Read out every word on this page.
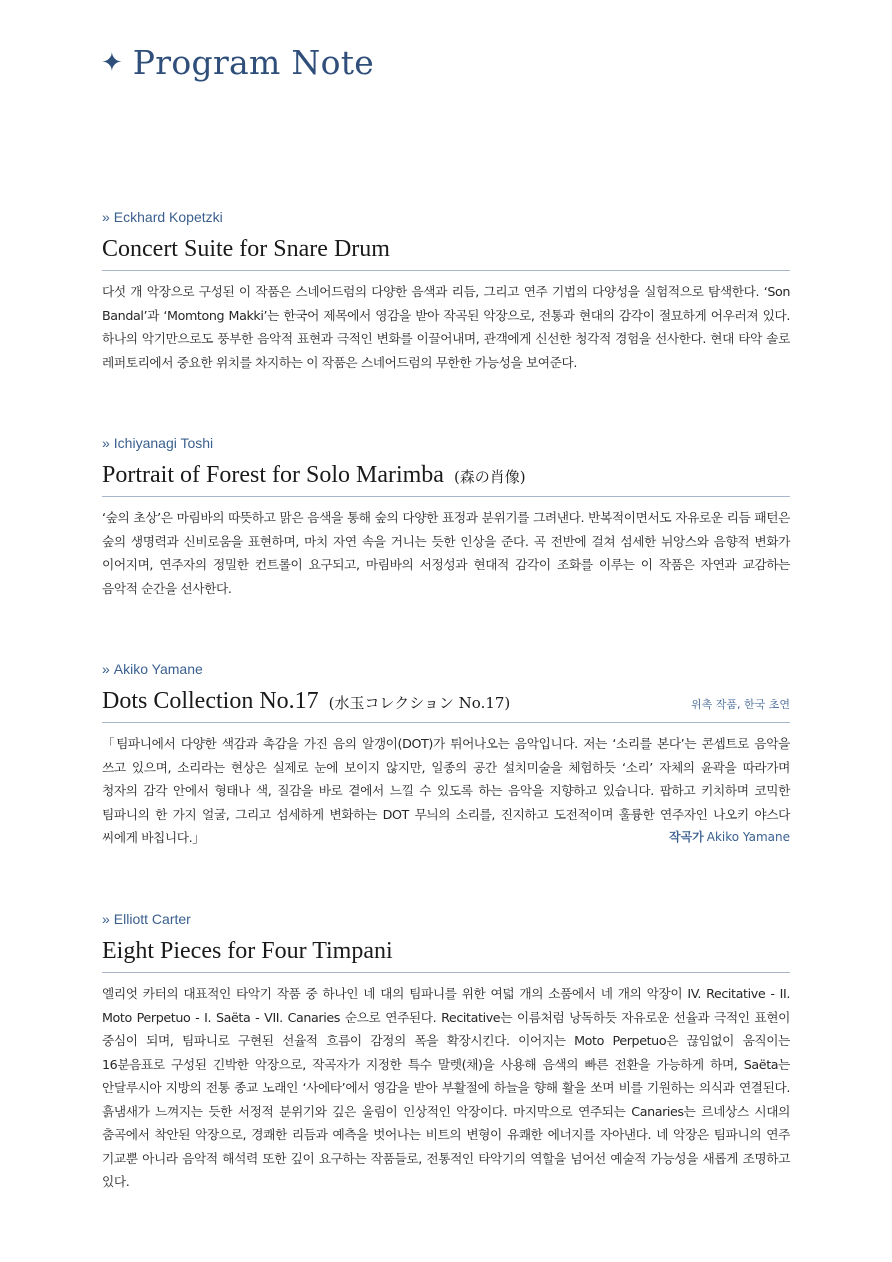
✦ Program Note
» Eckhard Kopetzki
Concert Suite for Snare Drum
다섯 개 악장으로 구성된 이 작품은 스네어드럼의 다양한 음색과 리듬, 그리고 연주 기법의 다양성을 실험적으로 탐색한다. ‘Son Bandal’과 ‘Momtong Makki’는 한국어 제목에서 영감을 받아 작곡된 악장으로, 전통과 현대의 감각이 절묘하게 어우러져 있다. 하나의 악기만으로도 풍부한 음악적 표현과 극적인 변화를 이끌어내며, 관객에게 신선한 청각적 경험을 선사한다. 현대 타악 솔로 레퍼토리에서 중요한 위치를 차지하는 이 작품은 스네어드럼의 무한한 가능성을 보여준다.
» Ichiyanagi Toshi
Portrait of Forest for Solo Marimba (森の肖像)
‘숲의 초상’은 마림바의 따뜻하고 맑은 음색을 통해 숲의 다양한 표정과 분위기를 그려낸다. 반복적이면서도 자유로운 리듬 패턴은 숲의 생명력과 신비로움을 표현하며, 마치 자연 속을 거니는 듯한 인상을 준다. 곡 전반에 걸쳐 섬세한 뉘앙스와 음향적 변화가 이어지며, 연주자의 정밀한 컨트롤이 요구되고, 마림바의 서정성과 현대적 감각이 조화를 이루는 이 작품은 자연과 교감하는 음악적 순간을 선사한다.
» Akiko Yamane
Dots Collection No.17 (水玉コレクション No.17)	위촉 작품, 한국 초연
「팀파니에서 다양한 색감과 촉감을 가진 음의 알갱이(DOT)가 튀어나오는 음악입니다. 저는 ‘소리를 본다’는 콘셉트로 음악을 쓰고 있으며, 소리라는 현상은 실제로 눈에 보이지 않지만, 일종의 공간 설치미술을 체험하듯 ‘소리’ 자체의 윤곽을 따라가며 청자의 감각 안에서 형태나 색, 질감을 바로 곁에서 느낄 수 있도록 하는 음악을 지향하고 있습니다. 팝하고 키치하며 코믹한 팀파니의 한 가지 얼굴, 그리고 섬세하게 변화하는 DOT 무늬의 소리를, 진지하고 도전적이며 훌륭한 연주자인 나오키 야스다 씨에게 바칩니다.」	작곡가 Akiko Yamane
» Elliott Carter
Eight Pieces for Four Timpani
엘리엇 카터의 대표적인 타악기 작품 중 하나인 네 대의 팀파니를 위한 여덟 개의 소품에서 네 개의 악장이 IV. Recitative - II. Moto Perpetuo - I. Saëta - VII. Canaries 순으로 연주된다. Recitative는 이름처럼 낭독하듯 자유로운 선율과 극적인 표현이 중심이 되며, 팀파니로 구현된 선율적 흐름이 감정의 폭을 확장시킨다. 이어지는 Moto Perpetuo은 끊임없이 움직이는 16분음표로 구성된 긴박한 악장으로, 작곡자가 지정한 특수 말렛(채)을 사용해 음색의 빠른 전환을 가능하게 하며, Saëta는 안달루시아 지방의 전통 종교 노래인 ‘사에타’에서 영감을 받아 부활절에 하늘을 향해 활을 쏘며 비를 기원하는 의식과 연결된다. 흙냄새가 느껴지는 듯한 서정적 분위기와 깊은 울림이 인상적인 악장이다. 마지막으로 연주되는 Canaries는 르네상스 시대의 춤곡에서 착안된 악장으로, 경쾌한 리듬과 예측을 벗어나는 비트의 변형이 유쾌한 에너지를 자아낸다. 네 악장은 팀파니의 연주 기교뿐 아니라 음악적 해석력 또한 깊이 요구하는 작품들로, 전통적인 타악기의 역할을 넘어선 예술적 가능성을 새롭게 조명하고 있다.
